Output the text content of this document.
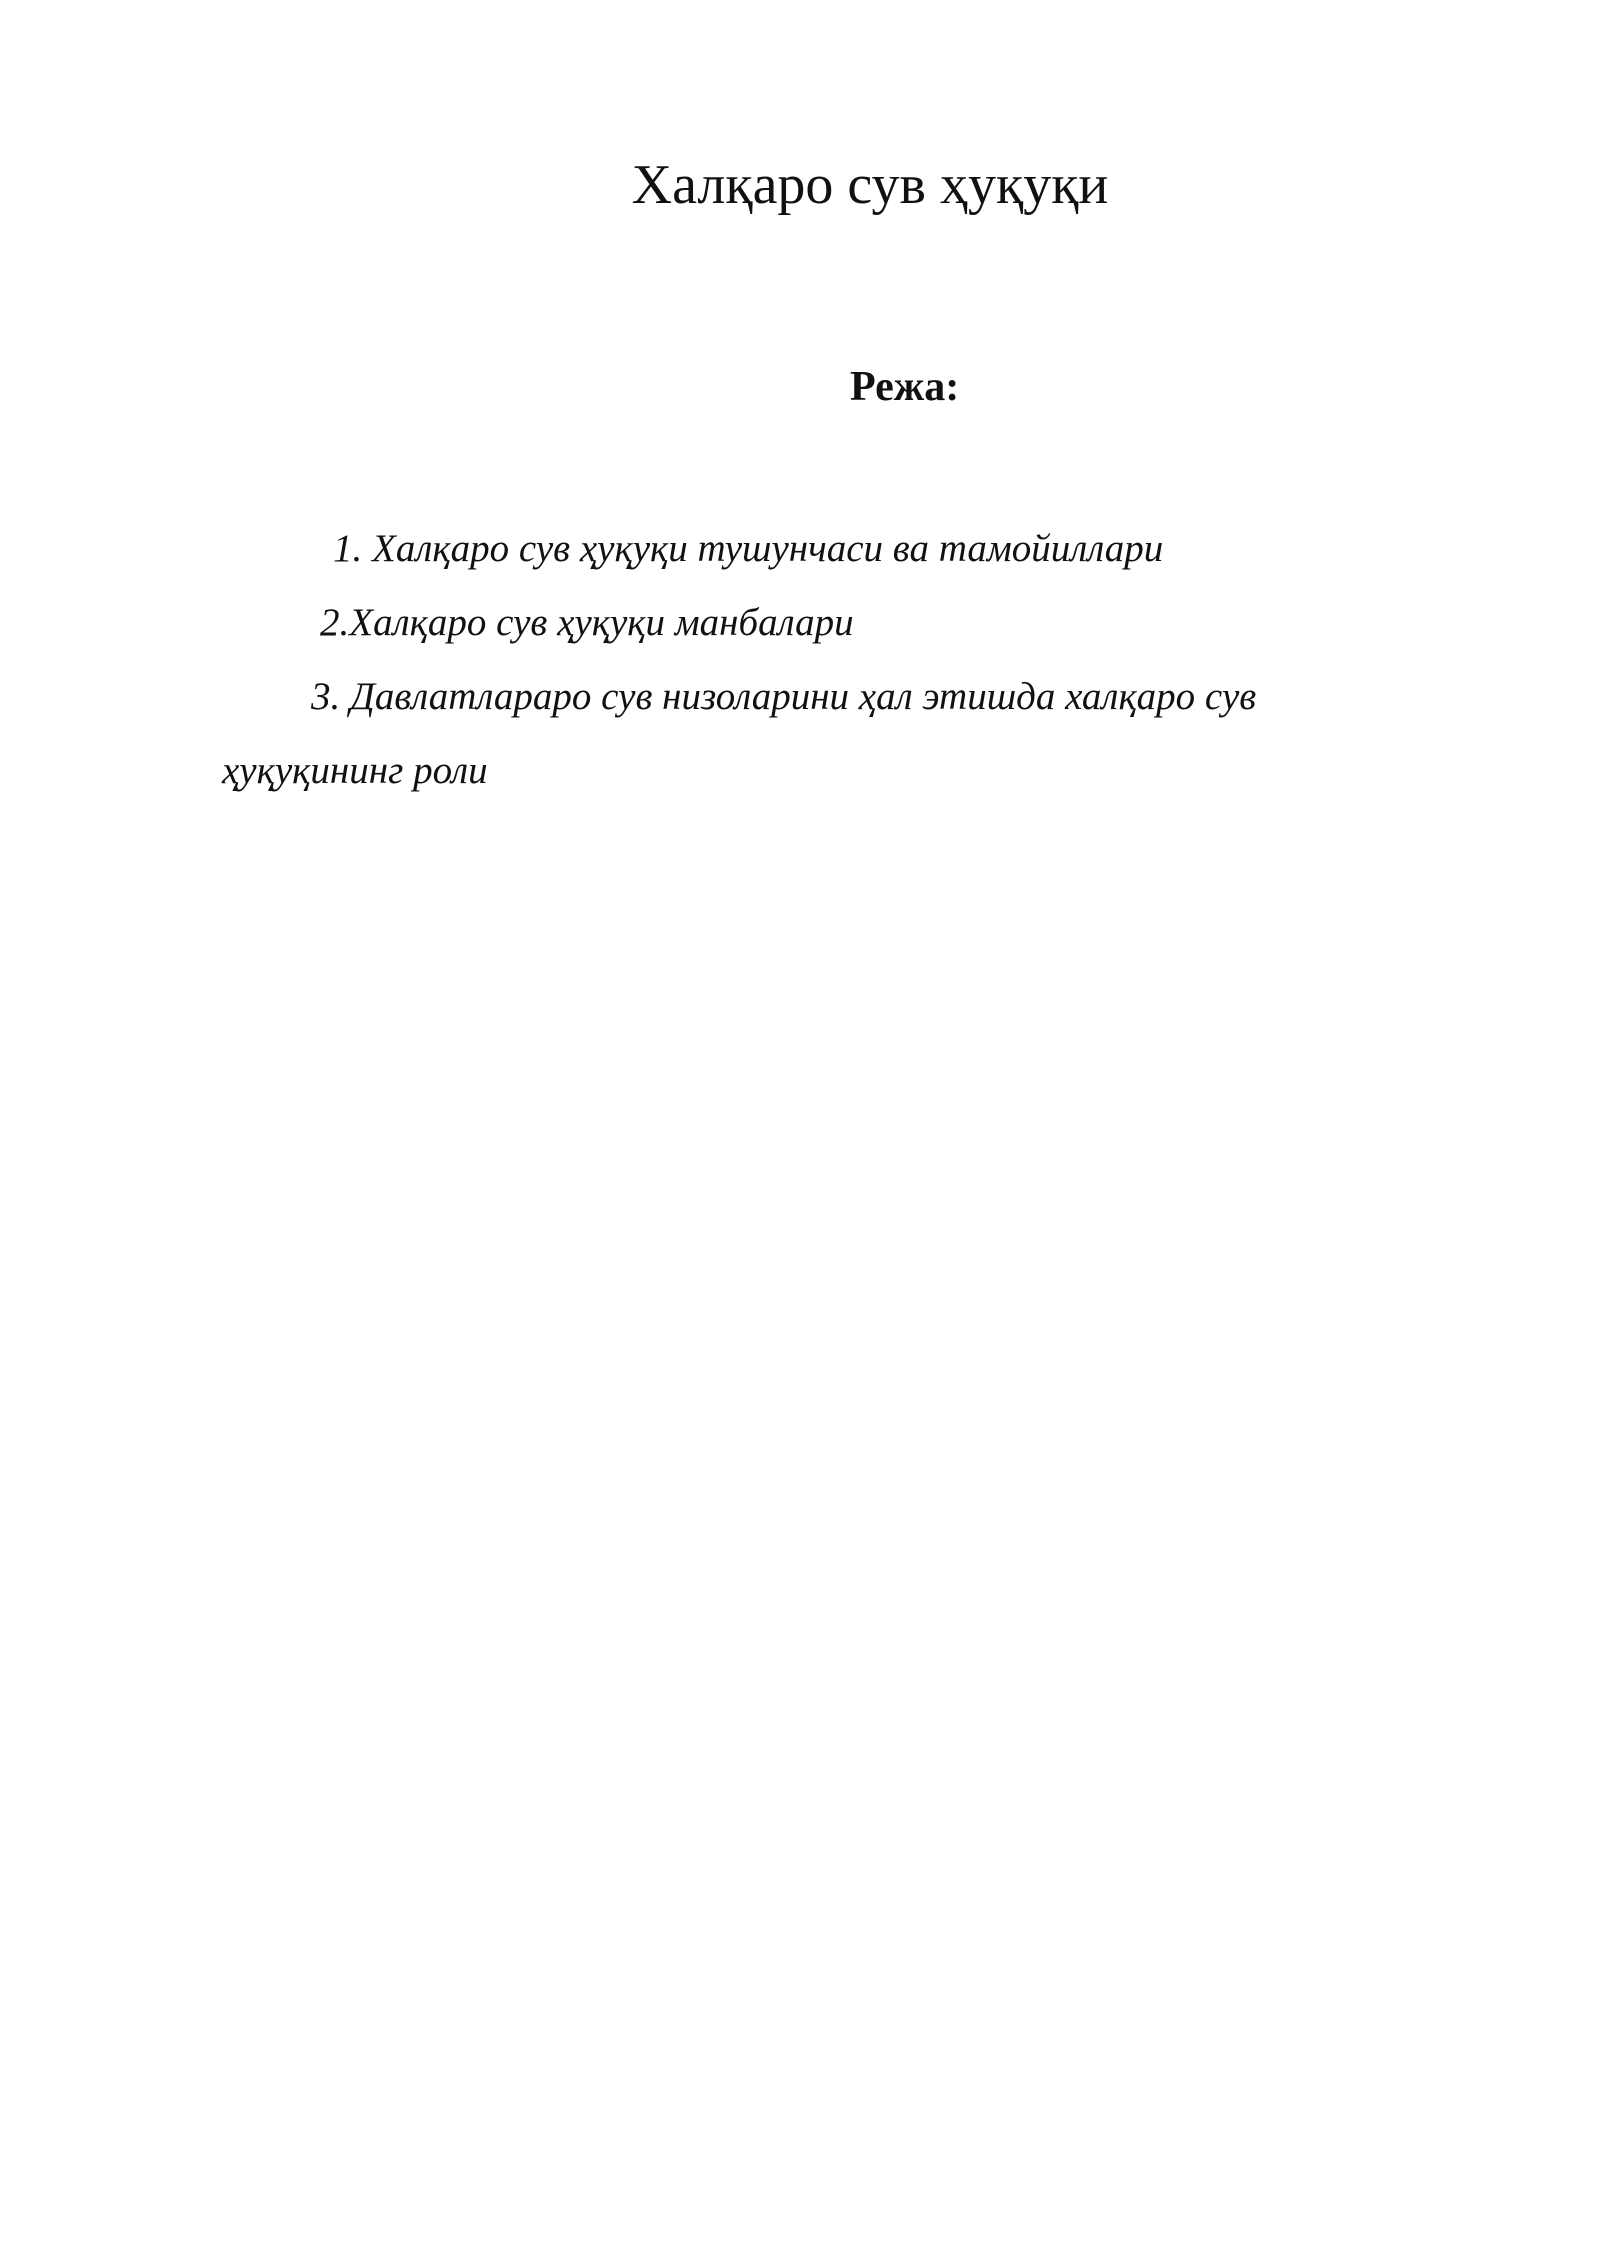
Халқаро сув ҳуқуқи
Режа:
1. Халқаро сув ҳуқуқи тушунчаси ва тамойиллари
2.Халқаро сув ҳуқуқи манбалари
3. Давлатлараро сув низоларини ҳал этишда халқаро сув
ҳуқуқининг роли
